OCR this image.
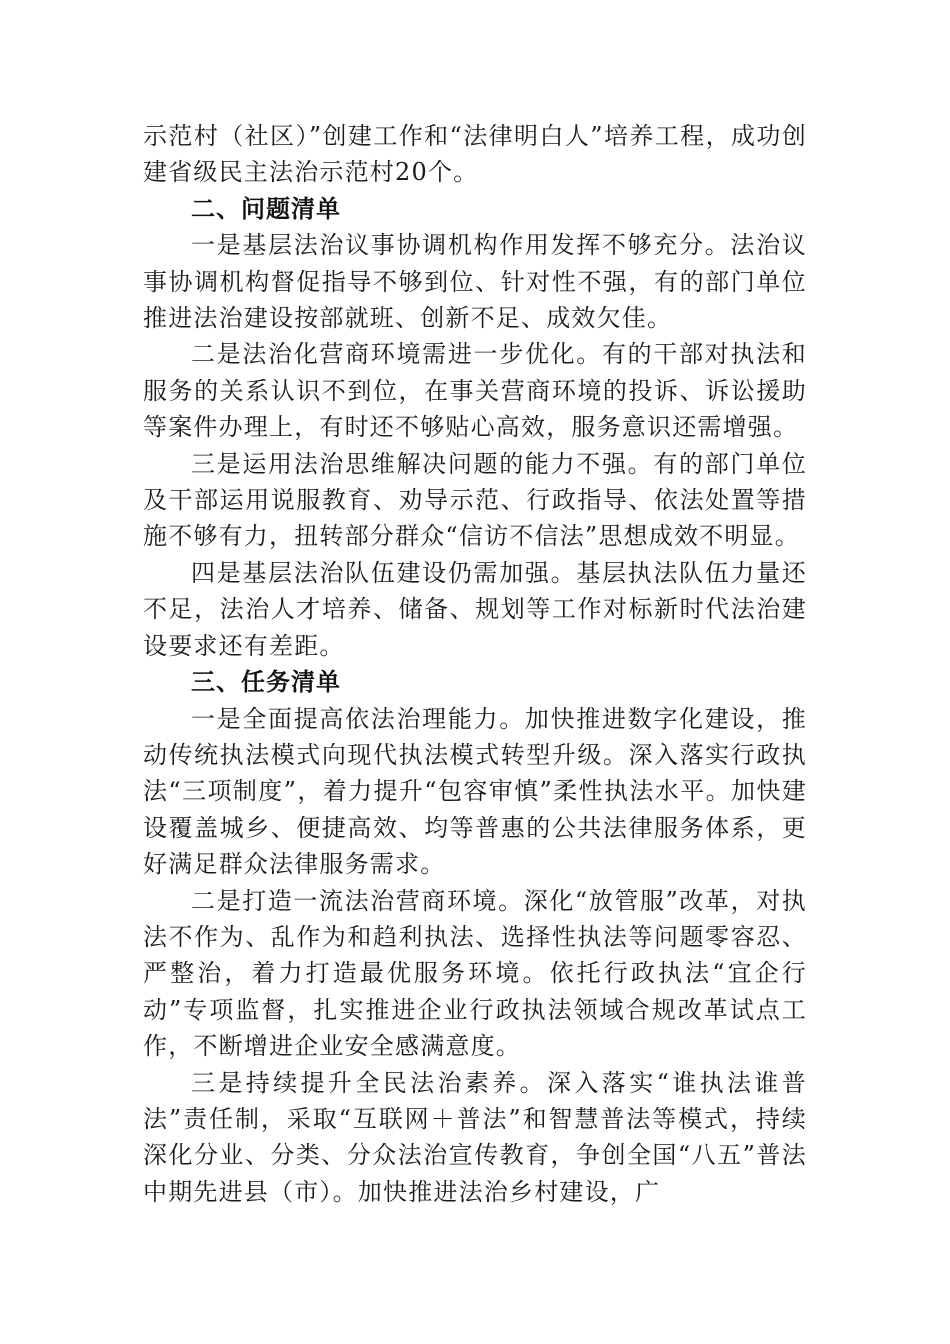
示范村（社区）”创建工作和“法律明白人”培养工程，成功创建省级民主法治示范村20个。

二、问题清单

一是基层法治议事协调机构作用发挥不够充分。法治议事协调机构督促指导不够到位、针对性不强，有的部门单位推进法治建设按部就班、创新不足、成效欠佳。

二是法治化营商环境需进一步优化。有的干部对执法和服务的关系认识不到位，在事关营商环境的投诉、诉讼援助等案件办理上，有时还不够贴心高效，服务意识还需增强。

三是运用法治思维解决问题的能力不强。有的部门单位及干部运用说服教育、劝导示范、行政指导、依法处置等措施不够有力，扭转部分群众“信访不信法”思想成效不明显。

四是基层法治队伍建设仍需加强。基层执法队伍力量还不足，法治人才培养、储备、规划等工作对标新时代法治建设要求还有差距。

三、任务清单

一是全面提高依法治理能力。加快推进数字化建设，推动传统执法模式向现代执法模式转型升级。深入落实行政执法“三项制度”，着力提升“包容审慎”柔性执法水平。加快建设覆盖城乡、便捷高效、均等普惠的公共法律服务体系，更好满足群众法律服务需求。

二是打造一流法治营商环境。深化“放管服”改革，对执法不作为、乱作为和趋利执法、选择性执法等问题零容忍、严整治，着力打造最优服务环境。依托行政执法“宜企行动”专项监督，扎实推进企业行政执法领域合规改革试点工作，不断增进企业安全感满意度。

三是持续提升全民法治素养。深入落实“谁执法谁普法”责任制，采取“互联网＋普法”和智慧普法等模式，持续深化分业、分类、分众法治宣传教育，争创全国“八五”普法中期先进县（市）。加快推进法治乡村建设，广
